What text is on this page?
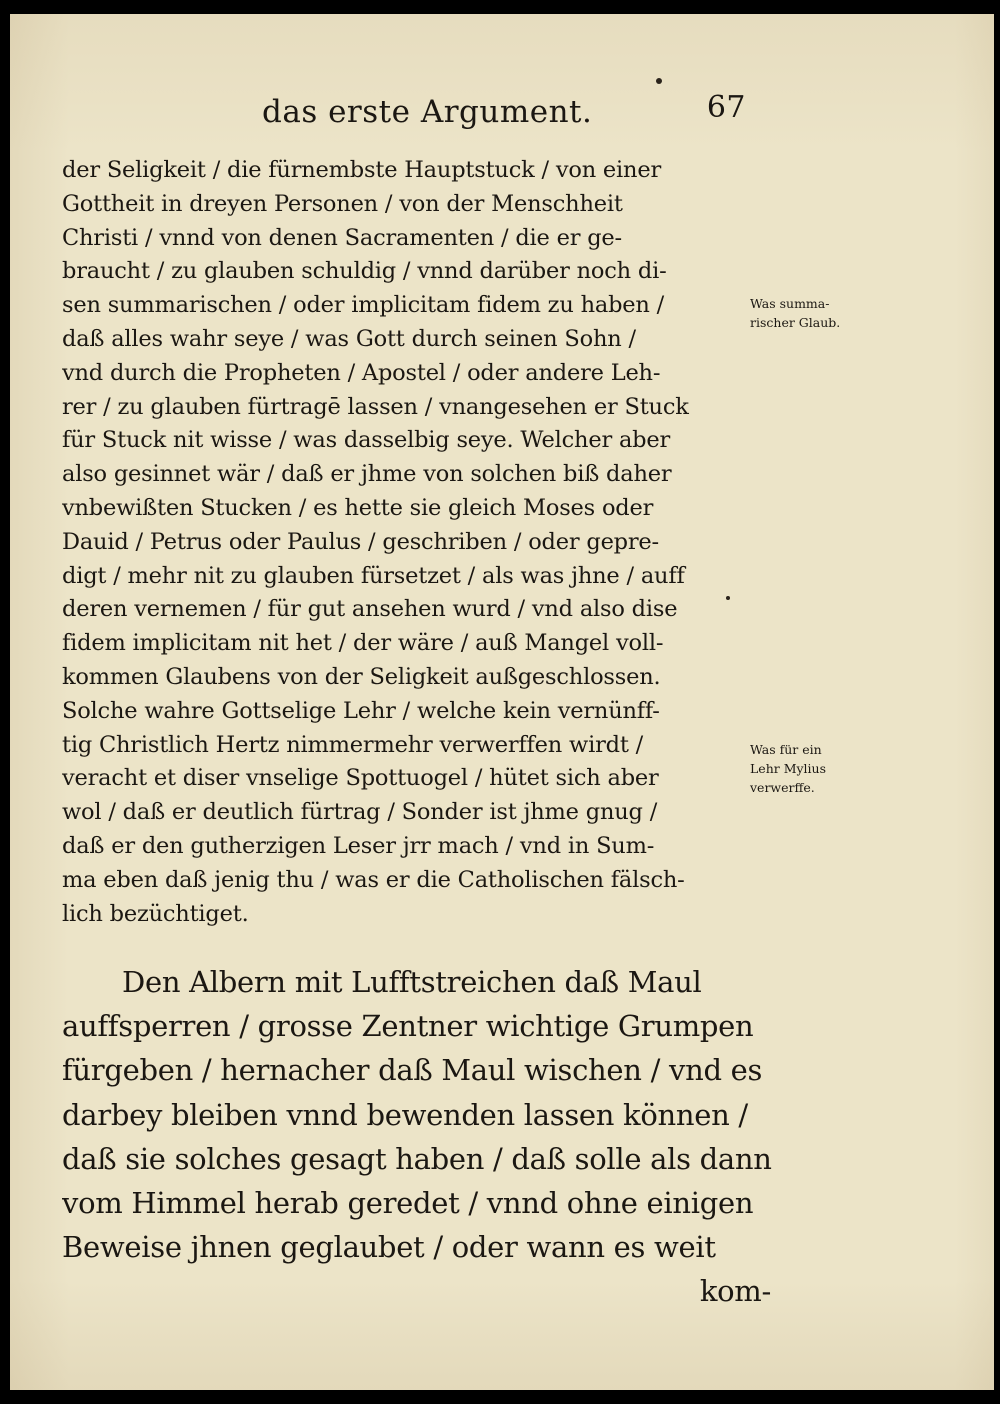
das erste Argument.	67
der Seligkeit / die fürnembste Hauptstuck / von einer
Gottheit in dreyen Personen / von der Menschheit
Christi / vnnd von denen Sacramenten / die er ge-
braucht / zu glauben schuldig / vnnd darüber noch di-
sen summarischen / oder implicitam fidem zu haben /
daß alles wahr seye / was Gott durch seinen Sohn /
vnd durch die Propheten / Apostel / oder andere Leh-
rer / zu glauben fürtragē lassen / vnangesehen er Stuck
für Stuck nit wisse / was dasselbig seye. Welcher aber
also gesinnet wär / daß er jhme von solchen biß daher
vnbewißten Stucken / es hette sie gleich Moses oder
Dauid / Petrus oder Paulus / geschriben / oder gepre-
digt / mehr nit zu glauben fürsetzet / als was jhne / auff
deren vernemen / für gut ansehen wurd / vnd also dise
fidem implicitam nit het / der wäre / auß Mangel voll-
kommen Glaubens von der Seligkeit außgeschlossen.
Solche wahre Gottselige Lehr / welche kein vernünff-
tig Christlich Hertz nimmermehr verwerffen wirdt /
veracht et diser vnselige Spottuogel / hütet sich aber
wol / daß er deutlich fürtrag / Sonder ist jhme gnug /
daß er den gutherzigen Leser jrr mach / vnd in Sum-
ma eben daß jenig thu / was er die Catholischen fälsch-
lich bezüchtiget.
Den Albern mit Lufftstreichen daß Maul
auffsperren / grosse Zentner wichtige Grumpen
fürgeben / hernacher daß Maul wischen / vnd es
darbey bleiben vnnd bewenden lassen können /
daß sie solches gesagt haben / daß solle als dann
vom Himmel herab geredet / vnnd ohne einigen
Beweise jhnen geglaubet / oder wann es weit
kom-
Was summa-
rischer Glaub.
Was für ein
Lehr Mylius
verwerffe.
